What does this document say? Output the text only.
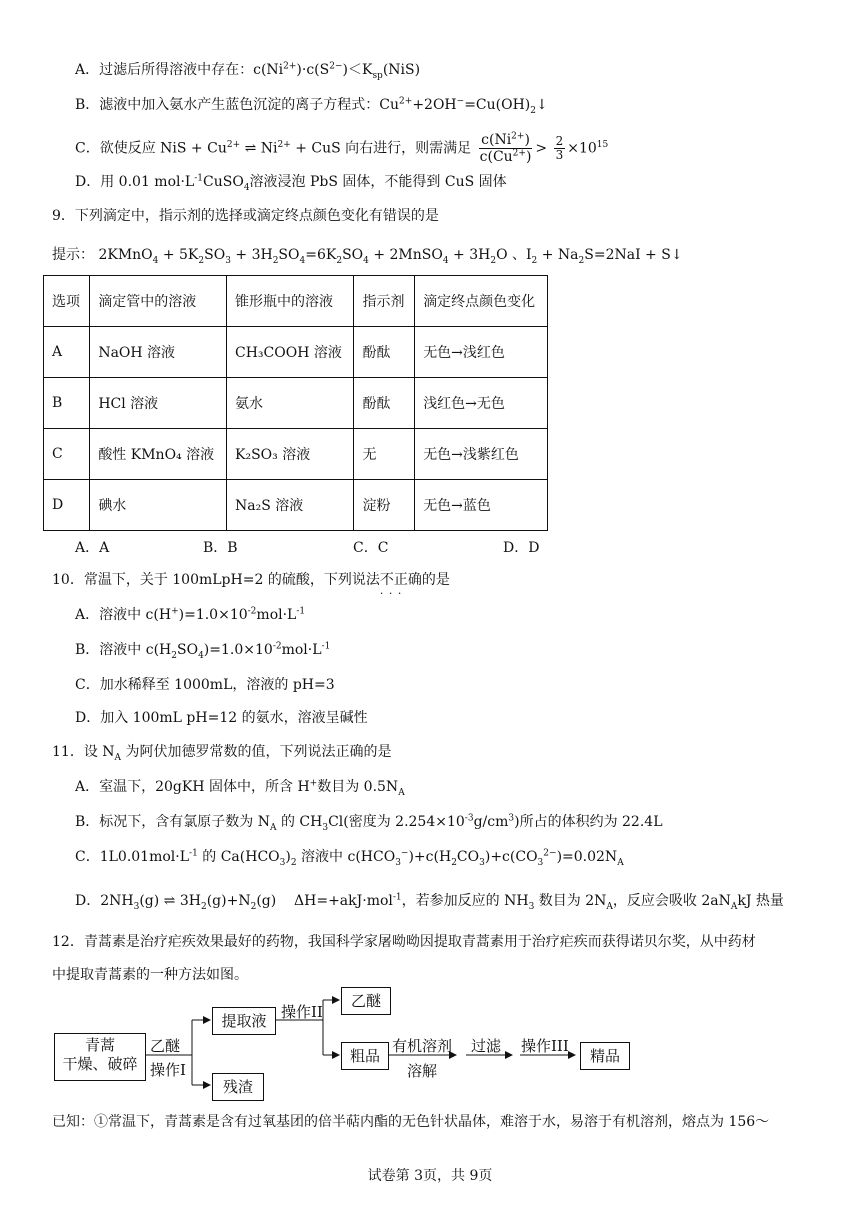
A．过滤后所得溶液中存在：$c(Ni^{2+})\cdot c(S^{2-})<K_{sp}(NiS)$
B．滤液中加入氨水产生蓝色沉淀的离子方程式：$Cu^{2+}+2OH^-=Cu(OH)_2↓$
C．欲使反应 NiS + $Cu^{2+}$ ⇌ $Ni^{2+}$ + CuS 向右进行，则需满足 $\frac{c(Ni^{2+})}{c(Cu^{2+})} > \frac{2}{3} \times 10^{15}$
D．用 0.01 $mol\cdot L^{-1}CuSO_4$溶液浸泡 PbS 固体，不能得到 CuS 固体
9．下列滴定中，指示剂的选择或滴定终点颜色变化有错误的是
提示： 2KMnO$_4$ + $5K_2SO_3 + 3H_2SO_4=6K_2SO_4$ + 2MnSO$_4$ + $3H_2O$ 、$I_2 + Na_2S=2NaI$ + S↓
选项	滴定管中的溶液	锥形瓶中的溶液	指示剂	滴定终点颜色变化
A	NaOH 溶液	CH₃COOH 溶液	酚酞	无色→浅红色
B	HCl 溶液	氨水	酚酞	浅红色→无色
C	酸性 KMnO₄ 溶液	K₂SO₃ 溶液	无	无色→浅紫红色
D	碘水	Na₂S 溶液	淀粉	无色→蓝色
A．A	B．B	C．C	D．D
10．常温下，关于 100mLpH=2 的硫酸，下列说法不正确 · · ·的是
A．溶液中 $c(H^+)=1.0\times 10^{-2}mol\cdot L^{-1}$
B．溶液中 $c(H_2SO_4)=1.0\times 10^{-2}mol\cdot L^{-1}$
C．加水稀释至 1000mL，溶液的 pH=3
D．加入 100mL pH=12 的氨水，溶液呈碱性
11．设 $N_A$ 为阿伏加德罗常数的值，下列说法正确的是
A．室温下，20gKH 固体中，所含 H+数目为 $0.5N_A$
B．标况下，含有氯原子数为 $N_A$ 的 $CH_3Cl$(密度为 $2.254\times 10^{-3}g/cm^3$)所占的体积约为 22.4L
C．$1L0.01mol\cdot L^{-1}$ 的 $Ca(HCO_3)_2$ 溶液中 $c(HCO_3^-)+c(H_2CO_3)+c(CO_3^{2-})=0.02N_A$
D．$2NH_3(g)$ ⇌ $3H_2(g)+N_2(g)$    ΔH=+akJ·mol$^{-1}$，若参加反应的 $NH_3$ 数目为 $2N_A$，反应会吸收 $2aN_AkJ$ 热量
12．青蒿素是治疗疟疾效果最好的药物，我国科学家屠呦呦因提取青蒿素用于治疗疟疾而获得诺贝尔奖，从中药材
中提取青蒿素的一种方法如图。
青蒿
干燥、破碎
乙醚
操作I
提取液
残渣
操作II
乙醚
粗品
有机溶剂
溶解
过滤 操作III
精品
已知：①常温下，青蒿素是含有过氧基团的倍半萜内酯的无色针状晶体，难溶于水，易溶于有机溶剂，熔点为 156～
试卷第 3页，共 9页
